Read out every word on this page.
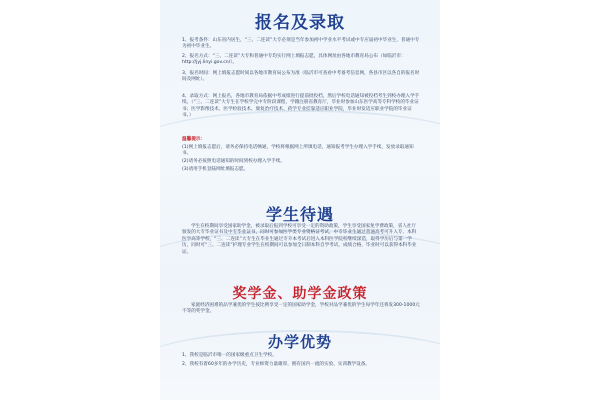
报名及录取
1、报考条件：山东省内居生，“三、二连读”大专必须是当年参加初中学业水平考试或中专应届初中毕业生，普通中专为初中毕业生。
2、报名方式：“三、二连读”大专和普通中专均实行网上填报志愿，具体网址由各地市教育局公布（如临沂市：http://jyj.linyi.gov.cn/）。
3、报名时间：网上填报志愿时间以各地市教育局公布为准（临沂市可查看中考备考信息网，各县市区以各自的报名时间及网址）。
4、录取方式：网上报名，各地市教育局依据中考成绩进行提前批投档，然后学校电话通知被投档考生到校办理入学手续。（“三、二连读”大专生在学校学完中专阶段课程，学籍注册省教育厅，毕业时参加山东医学高等专科学校的毕业证书；医学影像技术、医学检验技术、康复治疗技术、药学专业挂靠适应职业学院，毕业时发适应职业学院的毕业证书。）
温馨提示：
(1)网上填报志愿后，请务必保持电话畅通，学校将根据网上所填电话，通知报考学生办理入学手续，发放录取通知书。
(2)请务必按照电话通知的时间到校办理入学手续。
(3)请用手机登陆网址填报志愿。
学生待遇
学生在校期间享受国家助学金，被录取后报到学校可享受一定的资助政策，学生享受国家免学费政策，省人社厅颁发的大专毕业证书及中专毕业证书，同时可参加医学类专业资格证考试，中专毕业生通过普通高考可升入专、本科医学高等学校，“三、二连读”大专生在毕业生通过专升本考试后进入本科医学院校继续深造，取得学历后与第一学历，同时可“三、二连读”护理专业学生在校期间可以参加全日制本科自学考试，成绩合格，毕业时可以获得本科毕业证。
奖学金、助学金政策
家庭经济困难的品学兼优的学生按比例享受一定的国家助学金，学校对品学兼优的学生每学年还将发300-1000元不等的奖学金。
办学优势
1、我校是临沂市唯一的国家级重点卫生学校。
2、我校有着60多年的办学历史，专业师资力量雄厚，拥有国内一流的实验、实训教学设备。
